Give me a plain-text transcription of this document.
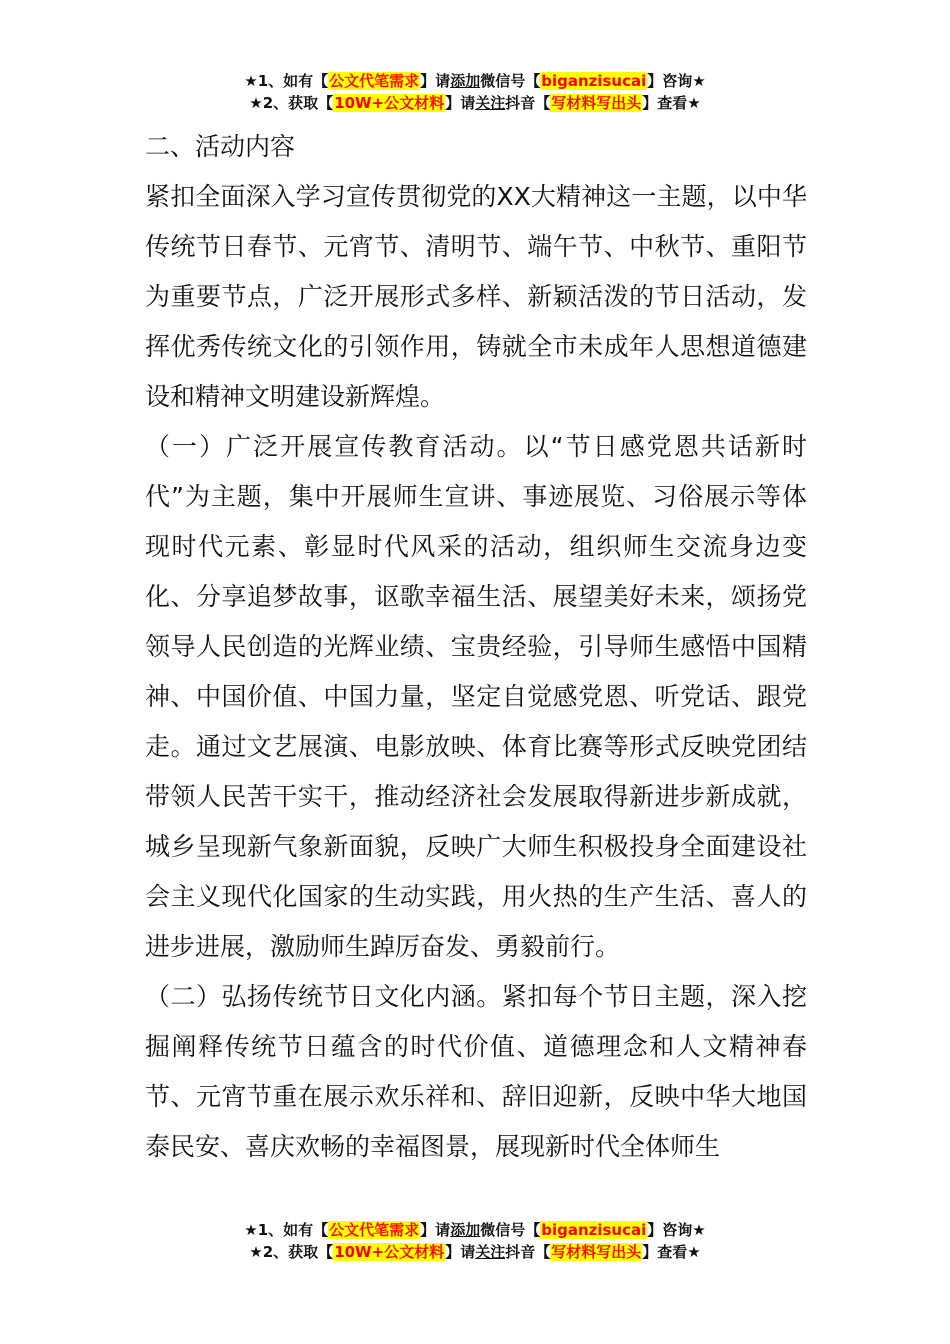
★1、如有【公文代笔需求】请添加微信号【biganzisucai】咨询★
★2、获取【10W+公文材料】请关注抖音【写材料写出头】查看★

二、活动内容

紧扣全面深入学习宣传贯彻党的XX大精神这一主题，以中华传统节日春节、元宵节、清明节、端午节、中秋节、重阳节为重要节点，广泛开展形式多样、新颖活泼的节日活动，发挥优秀传统文化的引领作用，铸就全市未成年人思想道德建设和精神文明建设新辉煌。

（一）广泛开展宣传教育活动。以“节日感党恩共话新时代”为主题，集中开展师生宣讲、事迹展览、习俗展示等体现时代元素、彰显时代风采的活动，组织师生交流身边变化、分享追梦故事，讴歌幸福生活、展望美好未来，颂扬党领导人民创造的光辉业绩、宝贵经验，引导师生感悟中国精神、中国价值、中国力量，坚定自觉感党恩、听党话、跟党走。通过文艺展演、电影放映、体育比赛等形式反映党团结带领人民苦干实干，推动经济社会发展取得新进步新成就，城乡呈现新气象新面貌，反映广大师生积极投身全面建设社会主义现代化国家的生动实践，用火热的生产生活、喜人的进步进展，激励师生踔厉奋发、勇毅前行。

（二）弘扬传统节日文化内涵。紧扣每个节日主题，深入挖掘阐释传统节日蕴含的时代价值、道德理念和人文精神春节、元宵节重在展示欢乐祥和、辞旧迎新，反映中华大地国泰民安、喜庆欢畅的幸福图景，展现新时代全体师生

★1、如有【公文代笔需求】请添加微信号【biganzisucai】咨询★
★2、获取【10W+公文材料】请关注抖音【写材料写出头】查看★
